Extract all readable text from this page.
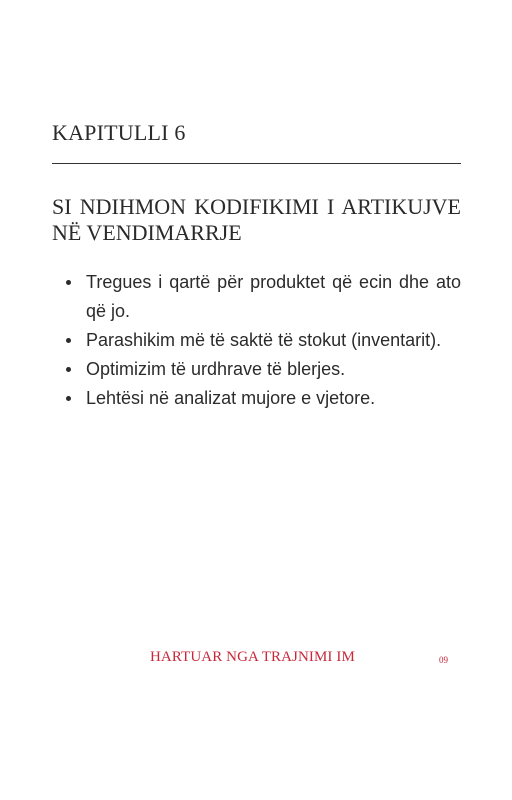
KAPITULLI 6
SI NDIHMON KODIFIKIMI I ARTIKUJVE NË VENDIMARRJE
Tregues i qartë për produktet që ecin dhe ato që jo.
Parashikim më të saktë të stokut (inventarit).
Optimizim të urdhrave të blerjes.
Lehtësi në analizat mujore e vjetore.

HARTUAR NGA TRAJNIMI IM	09
